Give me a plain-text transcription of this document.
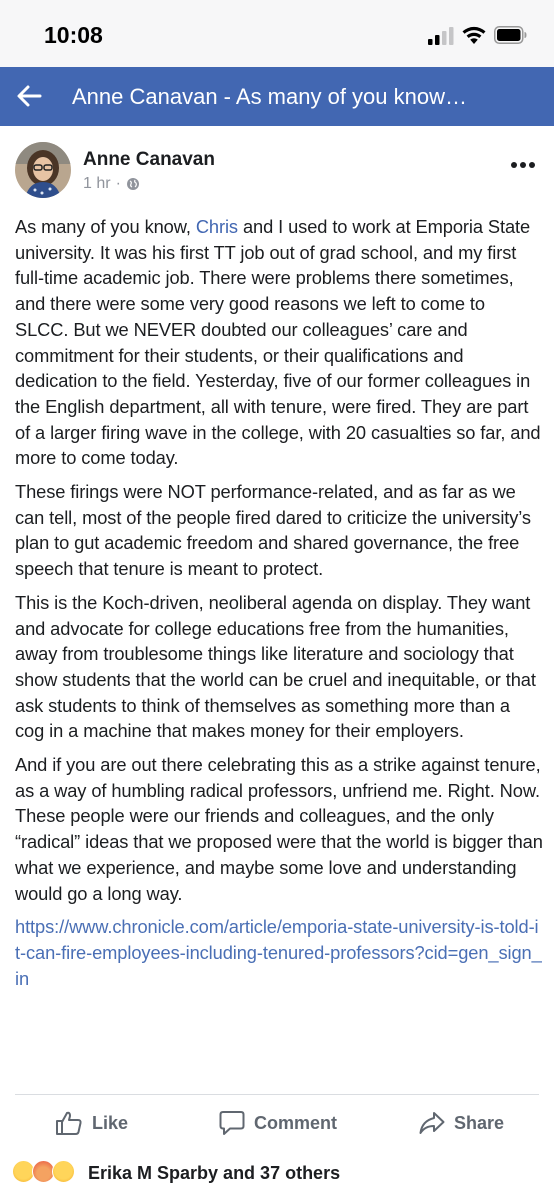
10:08
Anne Canavan - As many of you know…
Anne Canavan
1 hr ·

As many of you know, Chris and I used to work at Emporia State university. It was his first TT job out of grad school, and my first full-time academic job. There were problems there sometimes, and there were some very good reasons we left to come to SLCC. But we NEVER doubted our colleagues’ care and commitment for their students, or their qualifications and dedication to the field. Yesterday, five of our former colleagues in the English department, all with tenure, were fired. They are part of a larger firing wave in the college, with 20 casualties so far, and more to come today.

These firings were NOT performance-related, and as far as we can tell, most of the people fired dared to criticize the university’s plan to gut academic freedom and shared governance, the free speech that tenure is meant to protect.

This is the Koch-driven, neoliberal agenda on display. They want and advocate for college educations free from the humanities, away from troublesome things like literature and sociology that show students that the world can be cruel and inequitable, or that ask students to think of themselves as something more than a cog in a machine that makes money for their employers.

And if you are out there celebrating this as a strike against tenure, as a way of humbling radical professors, unfriend me. Right. Now. These people were our friends and colleagues, and the only “radical” ideas that we proposed were that the world is bigger than what we experience, and maybe some love and understanding would go a long way.

https://www.chronicle.com/article/emporia-state-university-is-told-it-can-fire-employees-including-tenured-professors?cid=gen_sign_in
Like	Comment	Share
Erika M Sparby and 37 others
